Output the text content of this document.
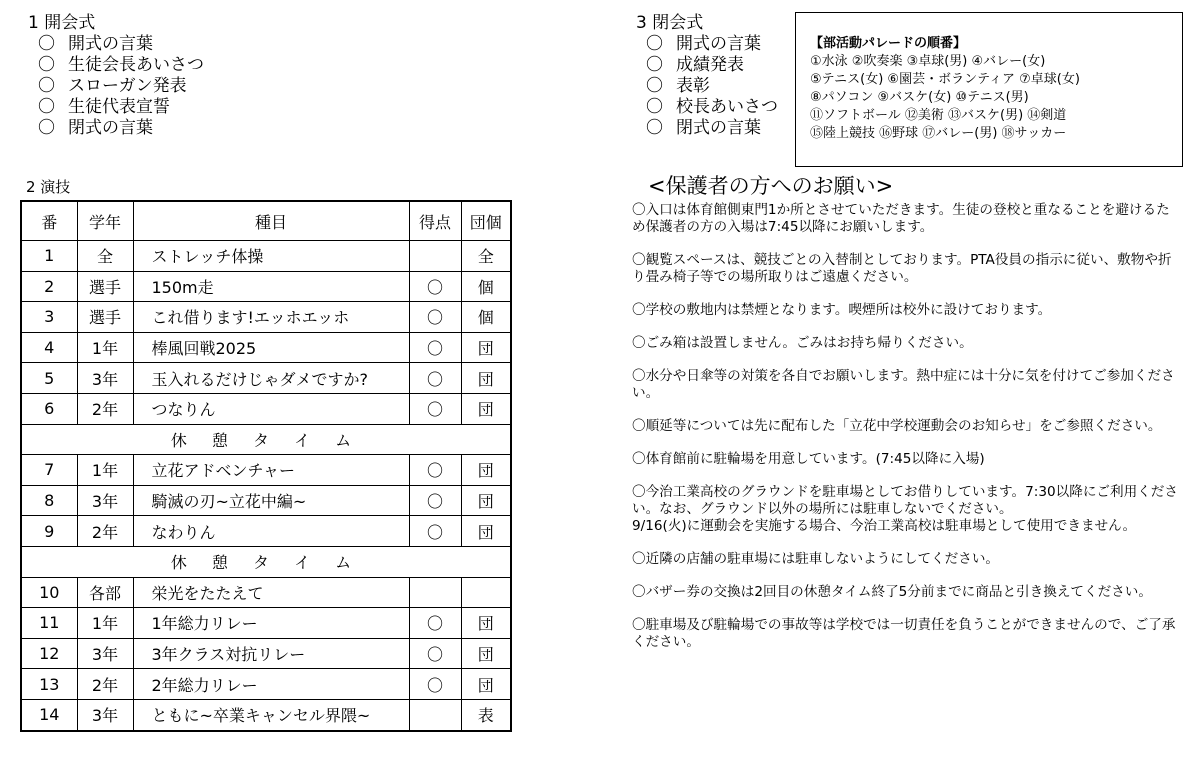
1 開会式
〇 開式の言葉
〇 生徒会長あいさつ
〇 スローガン発表
〇 生徒代表宣誓
〇 閉式の言葉
3 閉会式
〇 開式の言葉
〇 成績発表
〇 表彰
〇 校長あいさつ
〇 閉式の言葉
【部活動パレードの順番】
①水泳 ②吹奏楽 ③卓球(男) ④バレー(女)
⑤テニス(女) ⑥園芸・ボランティア ⑦卓球(女)
⑧パソコン ⑨バスケ(女) ⑩テニス(男)
⑪ソフトボール ⑫美術 ⑬バスケ(男) ⑭剣道
⑮陸上競技 ⑯野球 ⑰バレー(男) ⑱サッカー
2 演技
番	学年	種目	得点	団個
1	全	ストレッチ体操		全
2	選手	150m走	〇	個
3	選手	これ借ります!エッホエッホ	〇	個
4	1年	棒風回戦2025	〇	団
5	3年	玉入れるだけじゃダメですか?	〇	団
6	2年	つなりん	〇	団
休 憩 タ イ ム				
7	1年	立花アドベンチャー	〇	団
8	3年	騎滅の刃~立花中編~	〇	団
9	2年	なわりん	〇	団
休 憩 タ イ ム				
10	各部	栄光をたたえて		
11	1年	1年総力リレー	〇	団
12	3年	3年クラス対抗リレー	〇	団
13	2年	2年総力リレー	〇	団
14	3年	ともに~卒業キャンセル界隈~		表
<保護者の方へのお願い>
〇入口は体育館側東門1か所とさせていただきます。生徒の登校と重なることを避けるため保護者の方の入場は7:45以降にお願いします。
〇観覧スペースは、競技ごとの入替制としております。PTA役員の指示に従い、敷物や折り畳み椅子等での場所取りはご遠慮ください。
〇学校の敷地内は禁煙となります。喫煙所は校外に設けております。
〇ごみ箱は設置しません。ごみはお持ち帰りください。
〇水分や日傘等の対策を各自でお願いします。熱中症には十分に気を付けてご参加ください。
〇順延等については先に配布した「立花中学校運動会のお知らせ」をご参照ください。
〇体育館前に駐輪場を用意しています。(7:45以降に入場)
〇今治工業高校のグラウンドを駐車場としてお借りしています。7:30以降にご利用ください。なお、グラウンド以外の場所には駐車しないでください。
9/16(火)に運動会を実施する場合、今治工業高校は駐車場として使用できません。
〇近隣の店舗の駐車場には駐車しないようにしてください。
〇バザー券の交換は2回目の休憩タイム終了5分前までに商品と引き換えてください。
〇駐車場及び駐輪場での事故等は学校では一切責任を負うことができませんので、ご了承ください。
